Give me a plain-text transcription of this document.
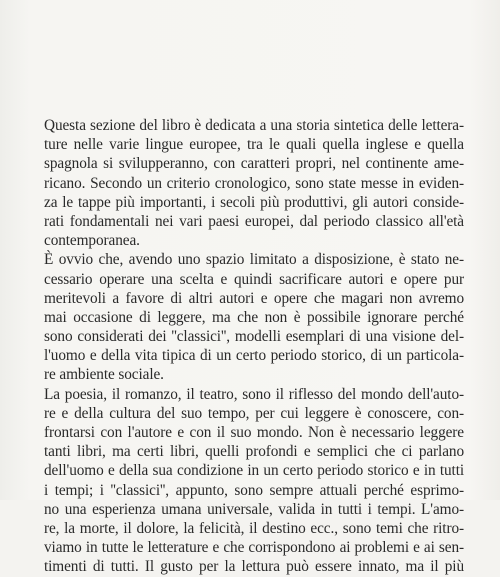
Questa sezione del libro è dedicata a una storia sintetica delle lettera-
ture nelle varie lingue europee, tra le quali quella inglese e quella
spagnola si svilupperanno, con caratteri propri, nel continente ame-
ricano. Secondo un criterio cronologico, sono state messe in eviden-
za le tappe più importanti, i secoli più produttivi, gli autori conside-
rati fondamentali nei vari paesi europei, dal periodo classico all'età
contemporanea.
È ovvio che, avendo uno spazio limitato a disposizione, è stato ne-
cessario operare una scelta e quindi sacrificare autori e opere pur
meritevoli a favore di altri autori e opere che magari non avremo
mai occasione di leggere, ma che non è possibile ignorare perché
sono considerati dei ''classici'', modelli esemplari di una visione del-
l'uomo e della vita tipica di un certo periodo storico, di un particola-
re ambiente sociale.
La poesia, il romanzo, il teatro, sono il riflesso del mondo dell'auto-
re e della cultura del suo tempo, per cui leggere è conoscere, con-
frontarsi con l'autore e con il suo mondo. Non è necessario leggere
tanti libri, ma certi libri, quelli profondi e semplici che ci parlano
dell'uomo e della sua condizione in un certo periodo storico e in tutti
i tempi; i ''classici'', appunto, sono sempre attuali perché esprimo-
no una esperienza umana universale, valida in tutti i tempi. L'amo-
re, la morte, il dolore, la felicità, il destino ecc., sono temi che ritro-
viamo in tutte le letterature e che corrispondono ai problemi e ai sen-
timenti di tutti. Il gusto per la lettura può essere innato, ma il più
